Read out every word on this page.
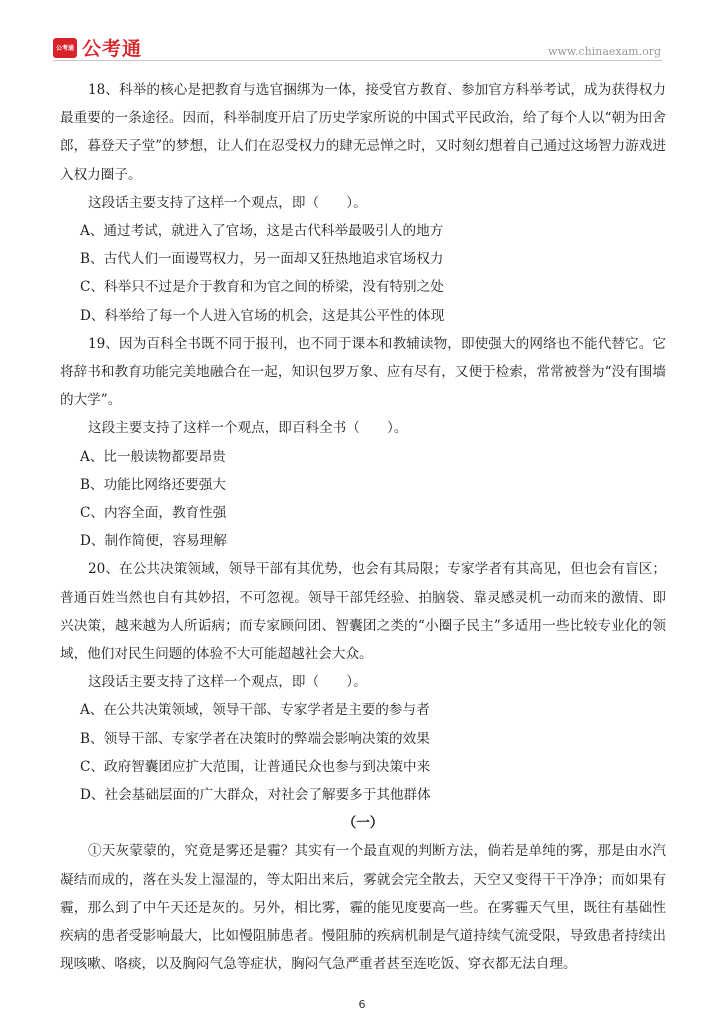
公考通 公考通	www.chinaexam.org

18、科举的核心是把教育与选官捆绑为一体，接受官方教育、参加官方科举考试，成为获得权力最重要的一条途径。因而，科举制度开启了历史学家所说的中国式平民政治，给了每个人以“朝为田舍郎，暮登天子堂”的梦想，让人们在忍受权力的肆无忌惮之时，又时刻幻想着自己通过这场智力游戏进入权力圈子。

这段话主要支持了这样一个观点，即（　　）。

A、通过考试，就进入了官场，这是古代科举最吸引人的地方

B、古代人们一面谩骂权力，另一面却又狂热地追求官场权力

C、科举只不过是介于教育和为官之间的桥梁，没有特别之处

D、科举给了每一个人进入官场的机会，这是其公平性的体现

19、因为百科全书既不同于报刊，也不同于课本和教辅读物，即使强大的网络也不能代替它。它将辞书和教育功能完美地融合在一起，知识包罗万象、应有尽有，又便于检索，常常被誉为“没有围墙的大学”。

这段主要支持了这样一个观点，即百科全书（　　）。

A、比一般读物都要昂贵

B、功能比网络还要强大

C、内容全面，教育性强

D、制作简便，容易理解

20、在公共决策领域，领导干部有其优势，也会有其局限；专家学者有其高见，但也会有盲区；普通百姓当然也自有其妙招，不可忽视。领导干部凭经验、拍脑袋、靠灵感灵机一动而来的激情、即兴决策，越来越为人所诟病；而专家顾问团、智囊团之类的“小圈子民主”多适用一些比较专业化的领域，他们对民生问题的体验不大可能超越社会大众。

这段话主要支持了这样一个观点，即（　　）。

A、在公共决策领域，领导干部、专家学者是主要的参与者

B、领导干部、专家学者在决策时的弊端会影响决策的效果

C、政府智囊团应扩大范围，让普通民众也参与到决策中来

D、社会基础层面的广大群众，对社会了解要多于其他群体

（一）

①天灰蒙蒙的，究竟是雾还是霾？其实有一个最直观的判断方法，倘若是单纯的雾，那是由水汽凝结而成的，落在头发上湿湿的，等太阳出来后，雾就会完全散去，天空又变得干干净净；而如果有霾，那么到了中午天还是灰的。另外，相比雾，霾的能见度要高一些。在雾霾天气里，既往有基础性疾病的患者受影响最大，比如慢阻肺患者。慢阻肺的疾病机制是气道持续气流受限，导致患者持续出现咳嗽、咯痰，以及胸闷气急等症状，胸闷气急严重者甚至连吃饭、穿衣都无法自理。

6
